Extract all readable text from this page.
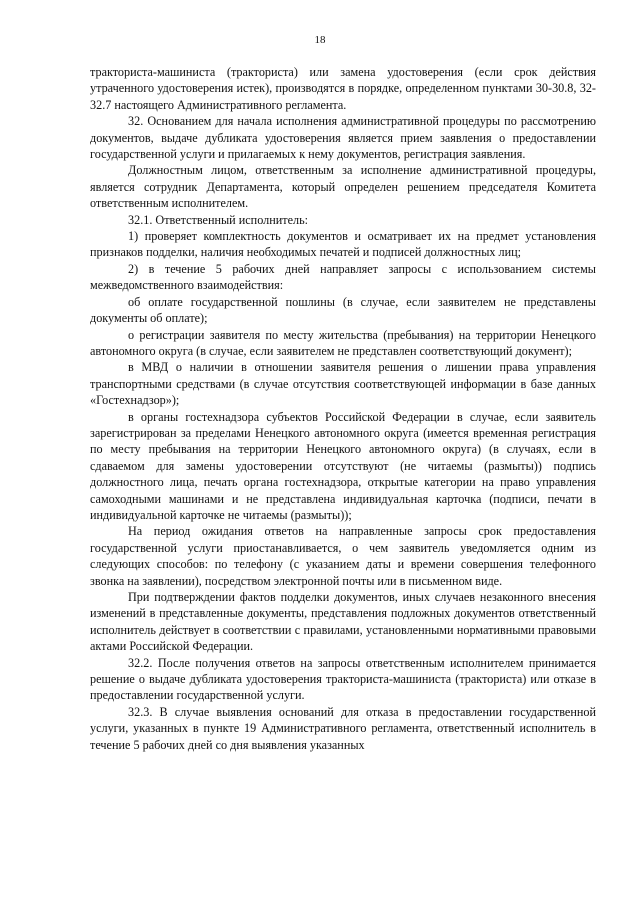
18

тракториста-машиниста (тракториста) или замена удостоверения (если срок действия утраченного удостоверения истек), производятся в порядке, определенном пунктами 30-30.8, 32-32.7 настоящего Административного регламента.

32. Основанием для начала исполнения административной процедуры по рассмотрению документов, выдаче дубликата удостоверения является прием заявления о предоставлении государственной услуги и прилагаемых к нему документов, регистрация заявления.

Должностным лицом, ответственным за исполнение административной процедуры, является сотрудник Департамента, который определен решением председателя Комитета ответственным исполнителем.

32.1. Ответственный исполнитель:

1) проверяет комплектность документов и осматривает их на предмет установления признаков подделки, наличия необходимых печатей и подписей должностных лиц;

2) в течение 5 рабочих дней направляет запросы с использованием системы межведомственного взаимодействия:

об оплате государственной пошлины (в случае, если заявителем не представлены документы об оплате);

о регистрации заявителя по месту жительства (пребывания) на территории Ненецкого автономного округа (в случае, если заявителем не представлен соответствующий документ);

в МВД о наличии в отношении заявителя решения о лишении права управления транспортными средствами (в случае отсутствия соответствующей информации в базе данных «Гостехнадзор»);

в органы гостехнадзора субъектов Российской Федерации в случае, если заявитель зарегистрирован за пределами Ненецкого автономного округа (имеется временная регистрация по месту пребывания на территории Ненецкого автономного округа) (в случаях, если в сдаваемом для замены удостоверении отсутствуют (не читаемы (размыты)) подпись должностного лица, печать органа гостехнадзора, открытые категории на право управления самоходными машинами и не представлена индивидуальная карточка (подписи, печати в индивидуальной карточке не читаемы (размыты));

На период ожидания ответов на направленные запросы срок предоставления государственной услуги приостанавливается, о чем заявитель уведомляется одним из следующих способов: по телефону (с указанием даты и времени совершения телефонного звонка на заявлении), посредством электронной почты или в письменном виде.

При подтверждении фактов подделки документов, иных случаев незаконного внесения изменений в представленные документы, представления подложных документов ответственный исполнитель действует в соответствии с правилами, установленными нормативными правовыми актами Российской Федерации.

32.2. После получения ответов на запросы ответственным исполнителем принимается решение о выдаче дубликата удостоверения тракториста-машиниста (тракториста) или отказе в предоставлении государственной услуги.

32.3. В случае выявления оснований для отказа в предоставлении государственной услуги, указанных в пункте 19 Административного регламента, ответственный исполнитель в течение 5 рабочих дней со дня выявления указанных
